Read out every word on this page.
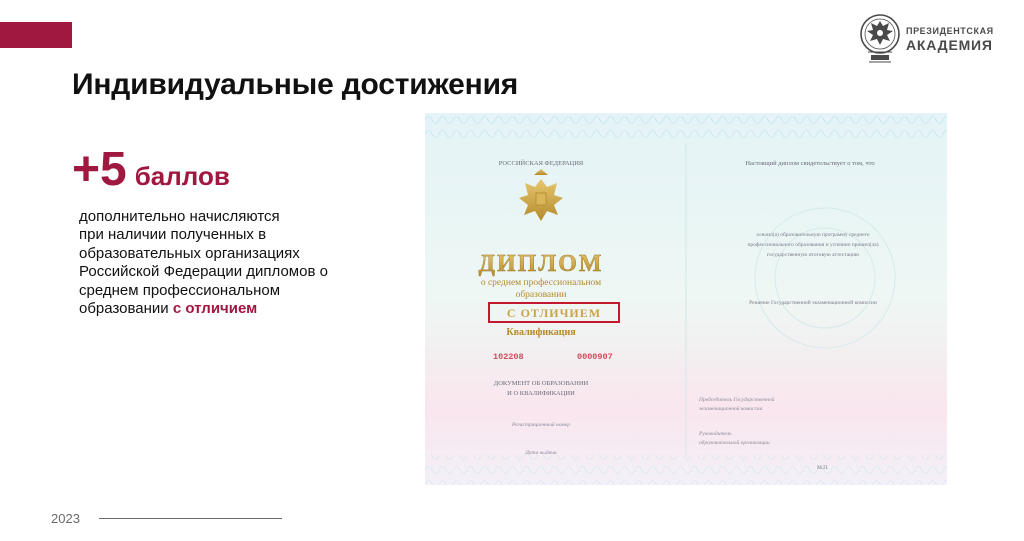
Индивидуальные достижения
ПРЕЗИДЕНТСКАЯ
АКАДЕМИЯ
+5 баллов
дополнительно начисляются
при наличии полученных в
образовательных организациях
Российской Федерации дипломов о
среднем профессиональном
образовании с отличием
РОССИЙСКАЯ ФЕДЕРАЦИЯ
ДИПЛОМ
о среднем профессиональном
образовании
С ОТЛИЧИЕМ
Квалификация
102208	0000907
ДОКУМЕНТ ОБ ОБРАЗОВАНИИ
И О КВАЛИФИКАЦИИ
Регистрационный номер
Дата выдачи
Настоящий диплом свидетельствует о том, что
освоил(а) образовательную программу среднего
профессионального образования и успешно прошел(ла)
государственную итоговую аттестацию
Решение Государственной экзаменационной комиссии
Председатель Государственной
экзаменационной комиссии
Руководитель
образовательной организации
М.П.
2023
